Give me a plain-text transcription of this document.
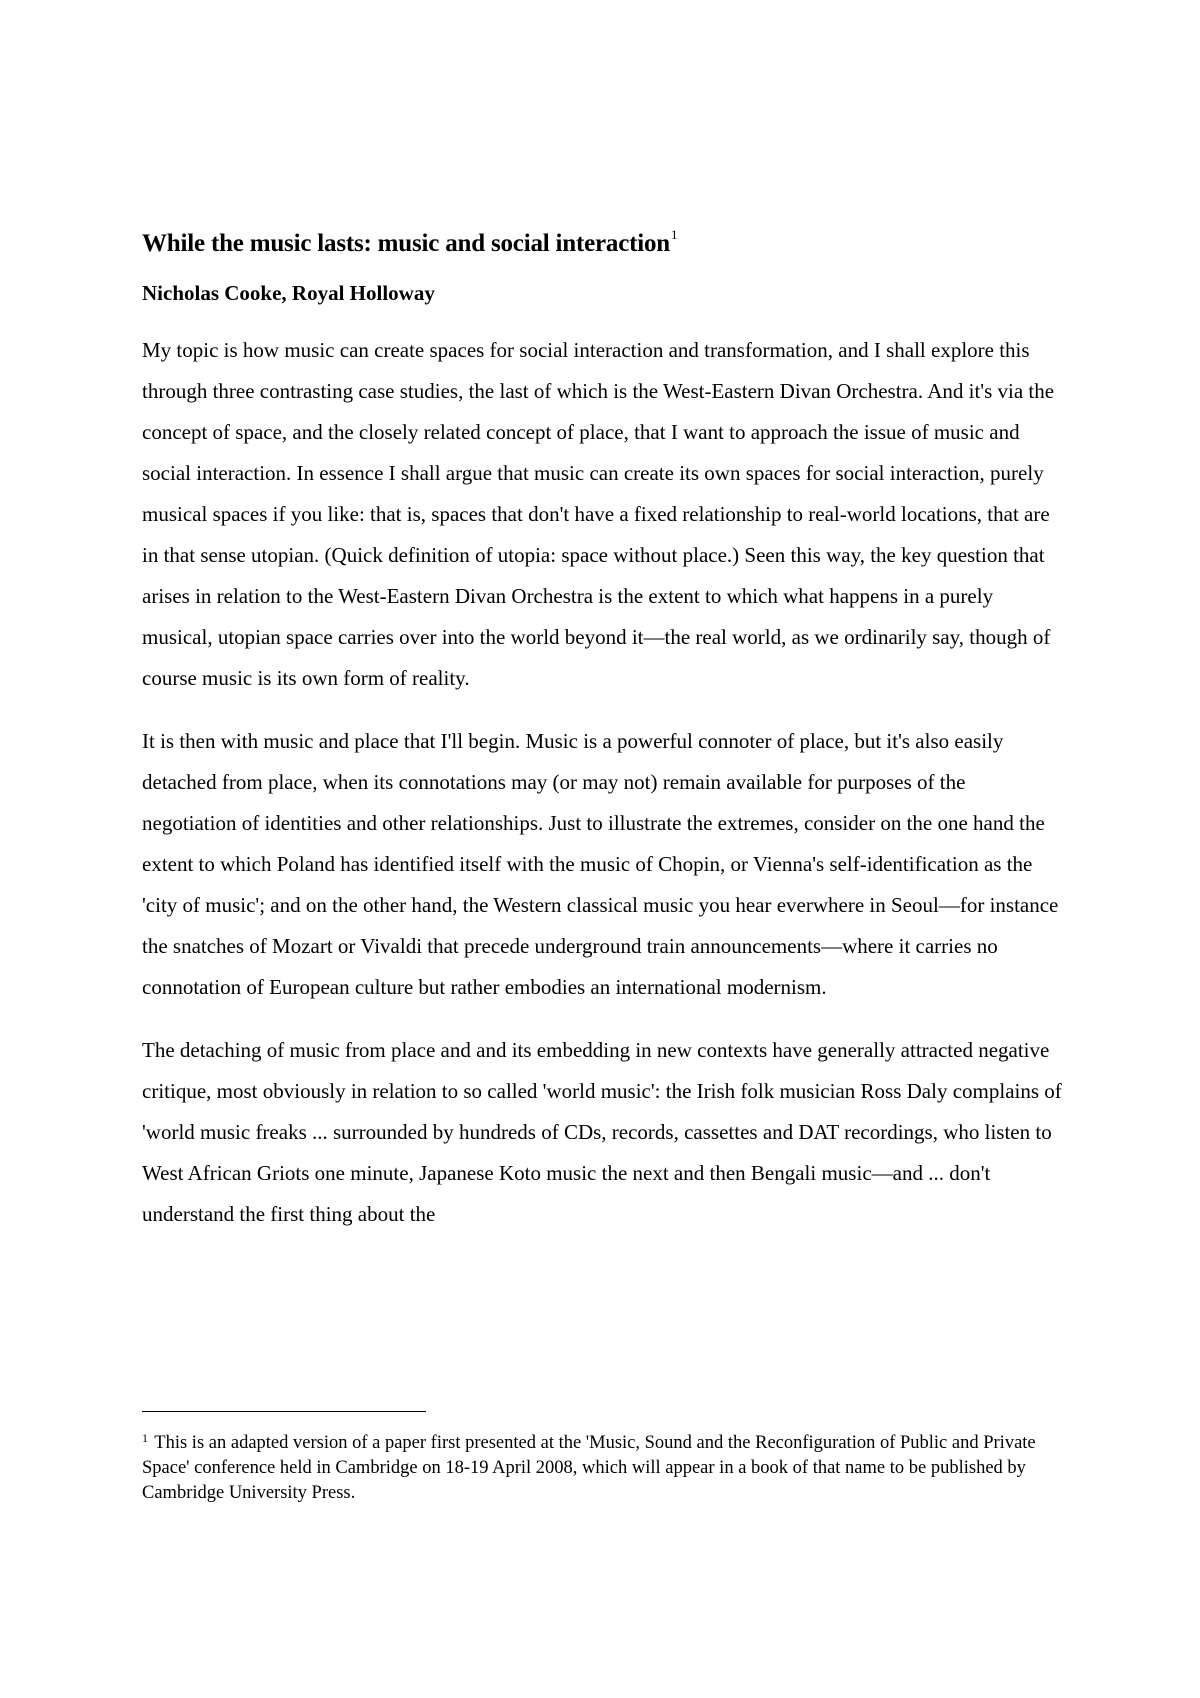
While the music lasts: music and social interaction$^1$

Nicholas Cooke, Royal Holloway

My topic is how music can create spaces for social interaction and transformation, and I shall explore this through three contrasting case studies, the last of which is the West-Eastern Divan Orchestra. And it's via the concept of space, and the closely related concept of place, that I want to approach the issue of music and social interaction. In essence I shall argue that music can create its own spaces for social interaction, purely musical spaces if you like: that is, spaces that don't have a fixed relationship to real-world locations, that are in that sense utopian. (Quick definition of utopia: space without place.) Seen this way, the key question that arises in relation to the West-Eastern Divan Orchestra is the extent to which what happens in a purely musical, utopian space carries over into the world beyond it—the real world, as we ordinarily say, though of course music is its own form of reality.

It is then with music and place that I'll begin. Music is a powerful connoter of place, but it's also easily detached from place, when its connotations may (or may not) remain available for purposes of the negotiation of identities and other relationships. Just to illustrate the extremes, consider on the one hand the extent to which Poland has identified itself with the music of Chopin, or Vienna's self-identification as the 'city of music'; and on the other hand, the Western classical music you hear everwhere in Seoul—for instance the snatches of Mozart or Vivaldi that precede underground train announcements—where it carries no connotation of European culture but rather embodies an international modernism.

The detaching of music from place and and its embedding in new contexts have generally attracted negative critique, most obviously in relation to so called 'world music': the Irish folk musician Ross Daly complains of 'world music freaks ... surrounded by hundreds of CDs, records, cassettes and DAT recordings, who listen to West African Griots one minute, Japanese Koto music the next and then Bengali music—and ... don't understand the first thing about the

$^1$ This is an adapted version of a paper first presented at the 'Music, Sound and the Reconfiguration of Public and Private Space' conference held in Cambridge on 18-19 April 2008, which will appear in a book of that name to be published by Cambridge University Press.
